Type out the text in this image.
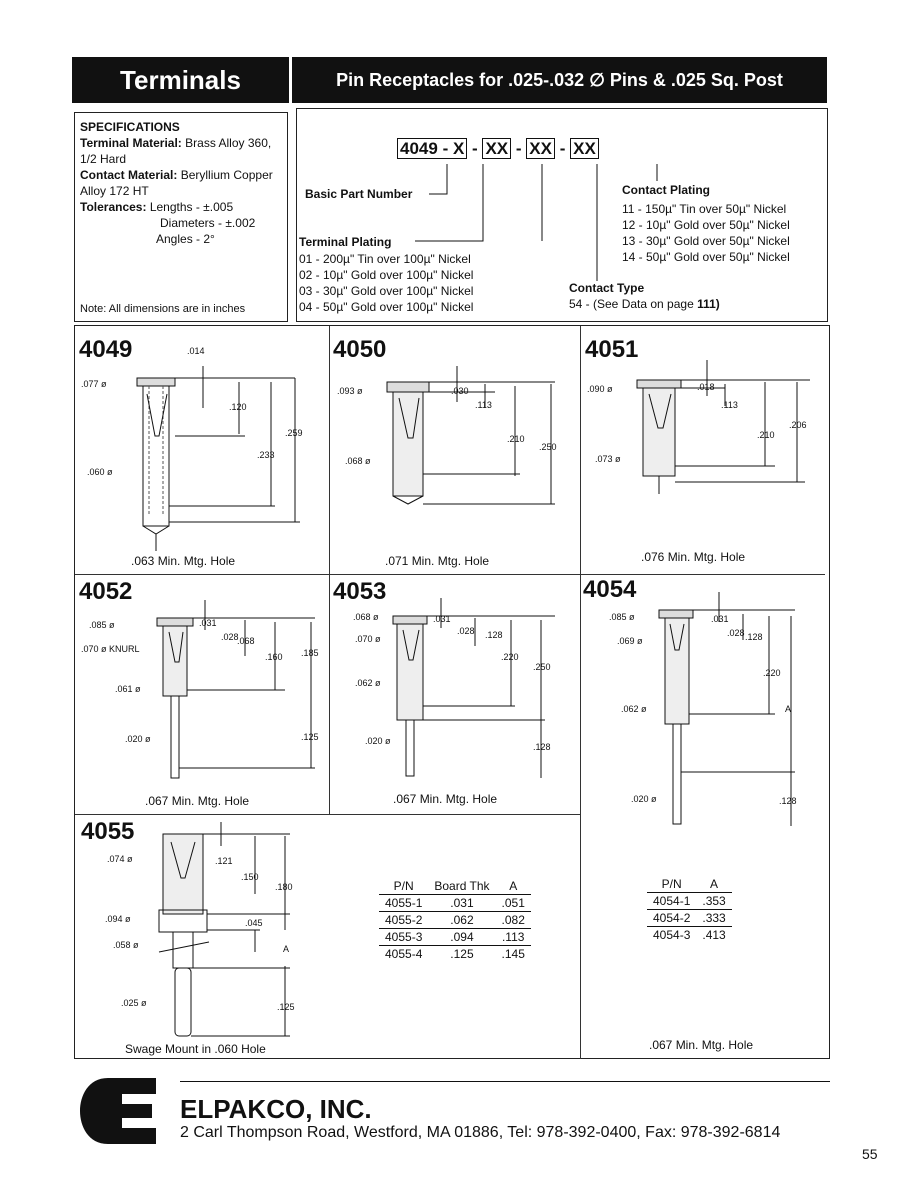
Terminals	Pin Receptacles for .025-.032 ∅ Pins & .025 Sq. Post
SPECIFICATIONS
Terminal Material: Brass Alloy 360, 1/2 Hard
Contact Material: Beryllium Copper Alloy 172 HT
Tolerances: Lengths - ±.005
Diameters - ±.002
Angles - 2°
Note: All dimensions are in inches
4049 - X - XX - XX - XX
Basic Part Number
Terminal Plating
01 - 200µ" Tin over 100µ" Nickel
02 - 10µ" Gold over 100µ" Nickel
03 - 30µ" Gold over 100µ" Nickel
04 - 50µ" Gold over 100µ" Nickel
Contact Plating
11 - 150µ" Tin over 50µ" Nickel
12 - 10µ" Gold over 50µ" Nickel
13 - 30µ" Gold over 50µ" Nickel
14 - 50µ" Gold over 50µ" Nickel
Contact Type
54 - (See Data on page 111)
4049	.014
.077 ø
.120
.259
.233
.060 ø
.063 Min. Mtg. Hole
4050
.093 ø	.030
.113
.210
.250
.068 ø
.071 Min. Mtg. Hole
4051
.090 ø	.018
.113
.210
.206
.073 ø
.076 Min. Mtg. Hole
4052
.085 ø	.031
.028
.068
.070 ø KNURL
.160 .185
.061 ø
.020 ø	.125
.067 Min. Mtg. Hole
4053
.068 ø	.031
.070 ø
.028 .128
.220
.250
.062 ø
.020 ø
.128
.067 Min. Mtg. Hole
4054
.085 ø	.031
.069 ø
.028 .128
.220
A
.062 ø
.020 ø	.128
P/N	A
4054-1	.353
4054-2	.333
4054-3	.413
.067 Min. Mtg. Hole
4055
.074 ø	.121
.150
.180
.094 ø	.045
.058 ø	A
.025 ø	.125
Swage Mount in .060 Hole
P/N	Board Thk	A
4055-1	.031	.051
4055-2	.062	.082
4055-3	.094	.113
4055-4	.125	.145
ELPAKCO, INC.
2 Carl Thompson Road, Westford, MA 01886, Tel: 978-392-0400, Fax: 978-392-6814
55
